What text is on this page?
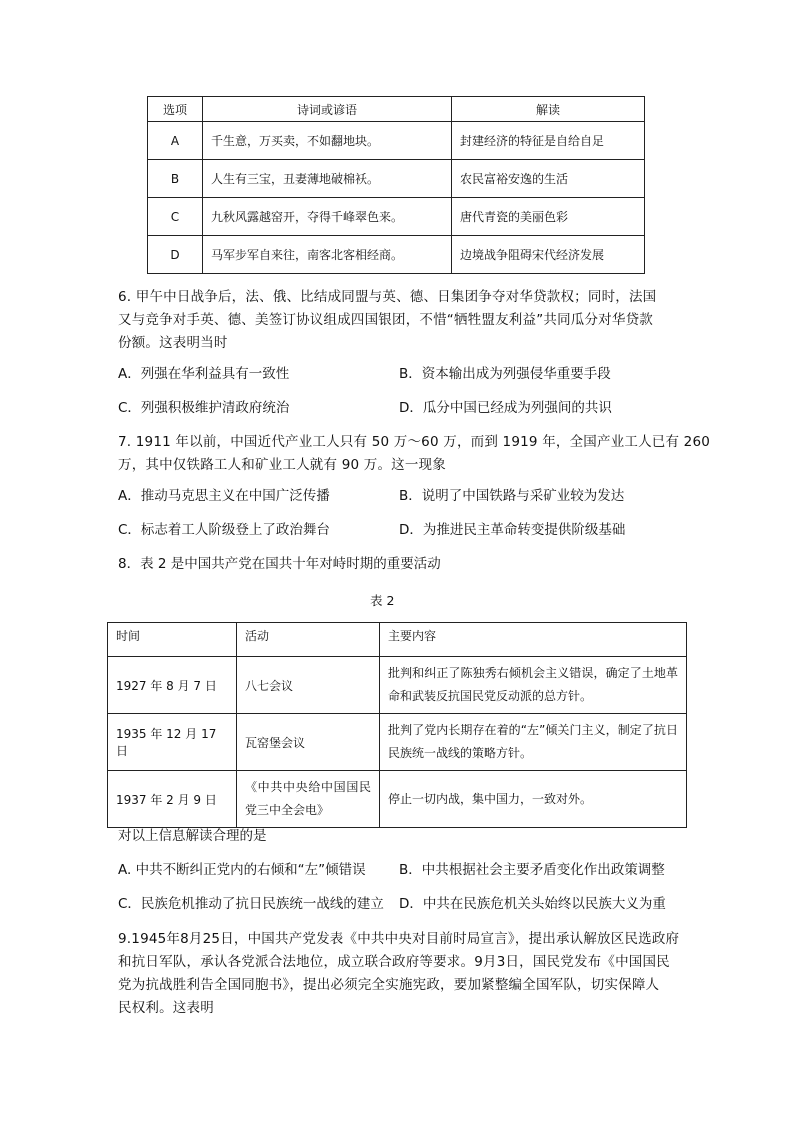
选项	诗词或谚语	解读
A	千生意，万买卖，不如翻地块。	封建经济的特征是自给自足
B	人生有三宝，丑妻薄地破棉袄。	农民富裕安逸的生活
C	九秋风露越窑开，夺得千峰翠色来。	唐代青瓷的美丽色彩
D	马军步军自来往，南客北客相经商。	边境战争阻碍宋代经济发展
6. 甲午中日战争后，法、俄、比结成同盟与英、德、日集团争夺对华贷款权；同时，法国
又与竞争对手英、德、美签订协议组成四国银团，不惜“牺牲盟友利益”共同瓜分对华贷款
份额。这表明当时
A．列强在华利益具有一致性	B．资本输出成为列强侵华重要手段
C．列强积极维护清政府统治	D．瓜分中国已经成为列强间的共识
7. 1911 年以前，中国近代产业工人只有 50 万～60 万，而到 1919 年，全国产业工人已有 260
万，其中仅铁路工人和矿业工人就有 90 万。这一现象
A．推动马克思主义在中国广泛传播	B．说明了中国铁路与采矿业较为发达
C．标志着工人阶级登上了政治舞台	D．为推进民主革命转变提供阶级基础
8．表 2 是中国共产党在国共十年对峙时期的重要活动
表 2
时间	活动	主要内容
1927 年 8 月 7 日	八七会议	批判和纠正了陈独秀右倾机会主义错误，确定了土地革命和武装反抗国民党反动派的总方针。
1935 年 12 月 17 日	瓦窑堡会议	批判了党内长期存在着的“左”倾关门主义，制定了抗日民族统一战线的策略方针。
1937 年 2 月 9 日	《中共中央给中国国民党三中全会电》	停止一切内战，集中国力，一致对外。
对以上信息解读合理的是
A. 中共不断纠正党内的右倾和“左”倾错误 B．中共根据社会主要矛盾变化作出政策调整
C．民族危机推动了抗日民族统一战线的建立 D．中共在民族危机关头始终以民族大义为重
9.1945年8月25日，中国共产党发表《中共中央对目前时局宣言》，提出承认解放区民选政府
和抗日军队，承认各党派合法地位，成立联合政府等要求。9月3日，国民党发布《中国国民
党为抗战胜利告全国同胞书》，提出必须完全实施宪政，要加紧整编全国军队，切实保障人
民权利。这表明
